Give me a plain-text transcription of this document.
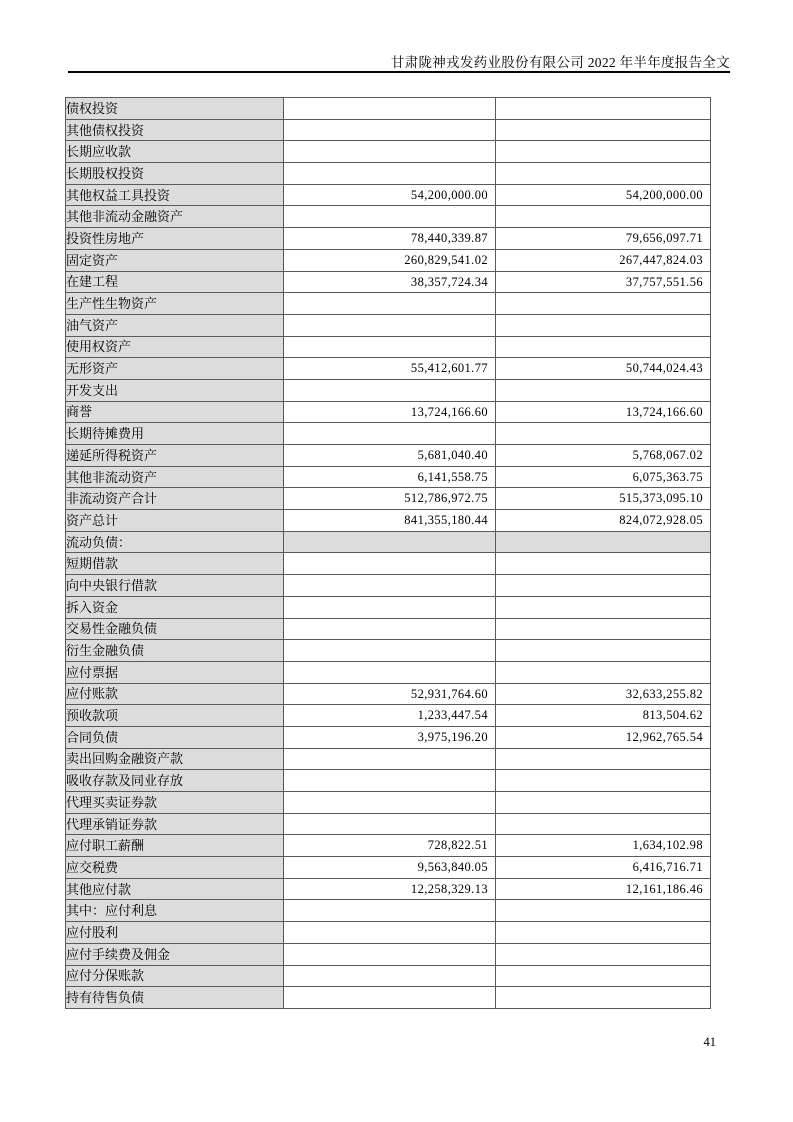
甘肃陇神戎发药业股份有限公司 2022 年半年度报告全文
债权投资		
其他债权投资		
长期应收款		
长期股权投资		
其他权益工具投资	54,200,000.00	54,200,000.00
其他非流动金融资产		
投资性房地产	78,440,339.87	79,656,097.71
固定资产	260,829,541.02	267,447,824.03
在建工程	38,357,724.34	37,757,551.56
生产性生物资产		
油气资产		
使用权资产		
无形资产	55,412,601.77	50,744,024.43
开发支出		
商誉	13,724,166.60	13,724,166.60
长期待摊费用		
递延所得税资产	5,681,040.40	5,768,067.02
其他非流动资产	6,141,558.75	6,075,363.75
非流动资产合计	512,786,972.75	515,373,095.10
资产总计	841,355,180.44	824,072,928.05
流动负债：		
短期借款		
向中央银行借款		
拆入资金		
交易性金融负债		
衍生金融负债		
应付票据		
应付账款	52,931,764.60	32,633,255.82
预收款项	1,233,447.54	813,504.62
合同负债	3,975,196.20	12,962,765.54
卖出回购金融资产款		
吸收存款及同业存放		
代理买卖证券款		
代理承销证券款		
应付职工薪酬	728,822.51	1,634,102.98
应交税费	9,563,840.05	6,416,716.71
其他应付款	12,258,329.13	12,161,186.46
其中：应付利息		
应付股利		
应付手续费及佣金		
应付分保账款		
持有待售负债		
41
